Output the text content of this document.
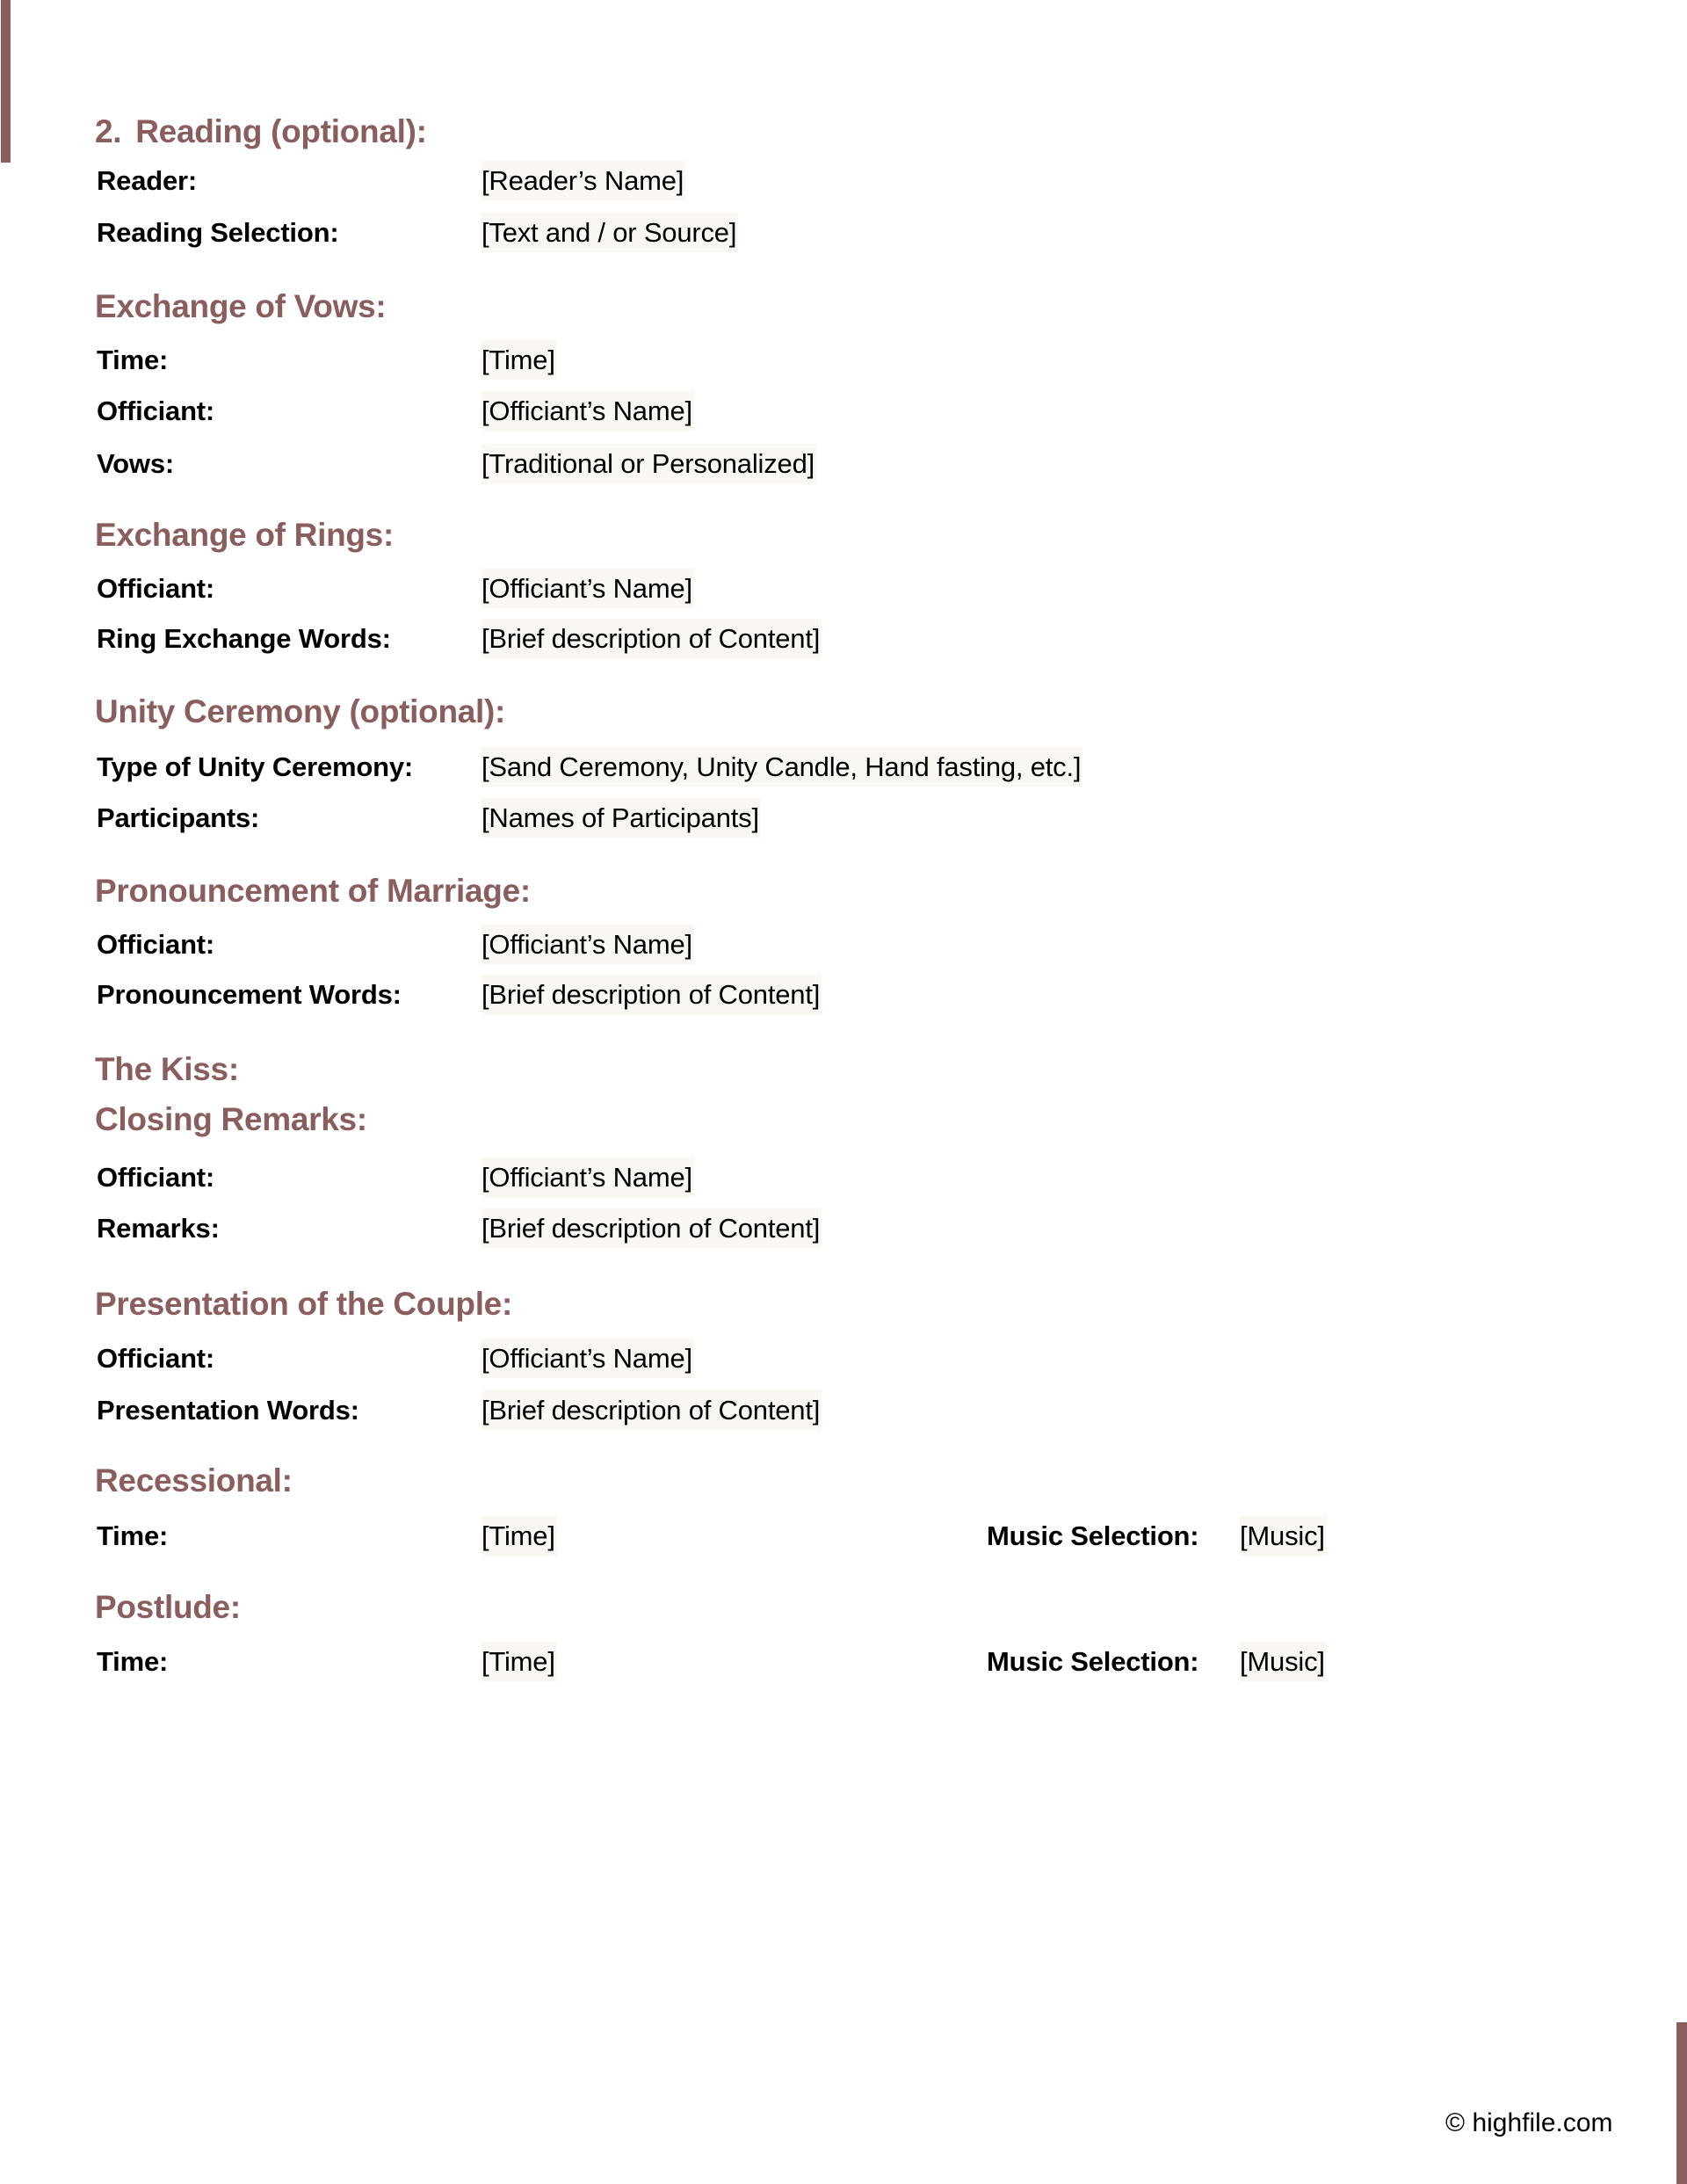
2. Reading (optional):
Reader:	[Reader’s Name]
Reading Selection:	[Text and / or Source]
Exchange of Vows:
Time:	[Time]
Officiant:	[Officiant’s Name]
Vows:	[Traditional or Personalized]
Exchange of Rings:
Officiant:	[Officiant’s Name]
Ring Exchange Words:	[Brief description of Content]
Unity Ceremony (optional):
Type of Unity Ceremony:	[Sand Ceremony, Unity Candle, Hand fasting, etc.]
Participants:	[Names of Participants]
Pronouncement of Marriage:
Officiant:	[Officiant’s Name]
Pronouncement Words:	[Brief description of Content]
The Kiss:
Closing Remarks:
Officiant:	[Officiant’s Name]
Remarks:	[Brief description of Content]
Presentation of the Couple:
Officiant:	[Officiant’s Name]
Presentation Words:	[Brief description of Content]
Recessional:
Time:	[Time]	Music Selection: [Music]
Postlude:
Time:	[Time]	Music Selection: [Music]
© highfile.com
